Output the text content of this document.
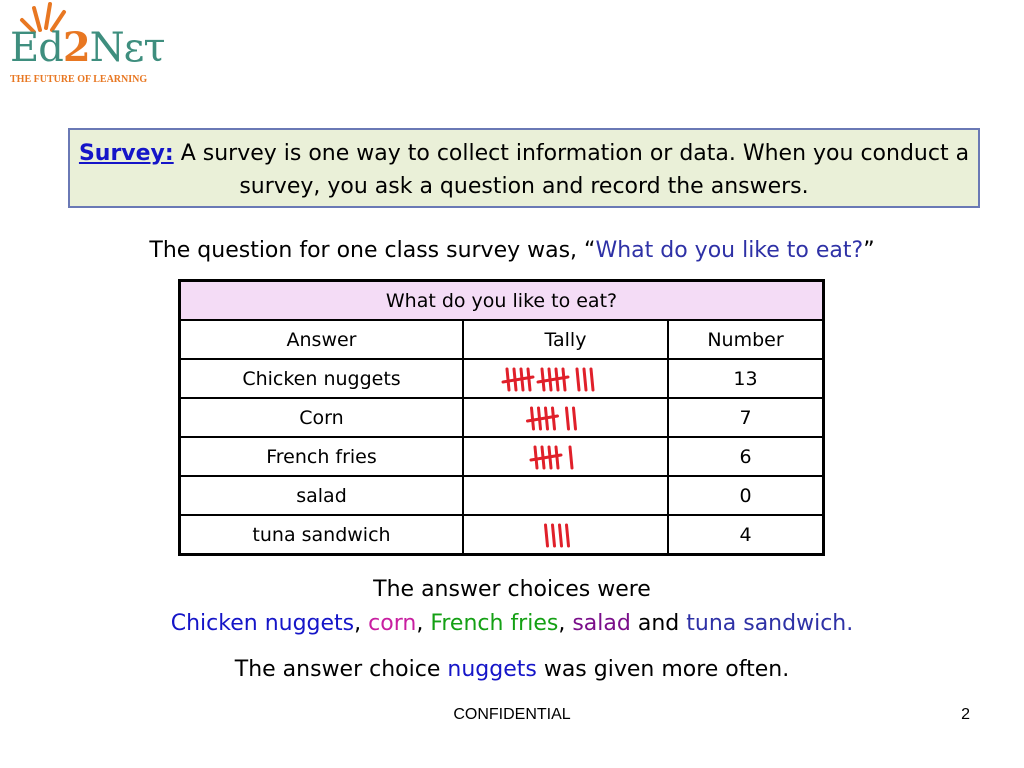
Ed2Nετ
THE FUTURE OF LEARNING
Survey: A survey is one way to collect information or data. When you conduct a survey, you ask a question and record the answers.
The question for one class survey was, “What do you like to eat?”
What do you like to eat?		
Answer	Tally	Number
Chicken nuggets		13
Corn		7
French fries		6
salad		0
tuna sandwich		4
The answer choices were
Chicken nuggets, corn, French fries, salad and tuna sandwich.
The answer choice nuggets was given more often.
CONFIDENTIAL	2
